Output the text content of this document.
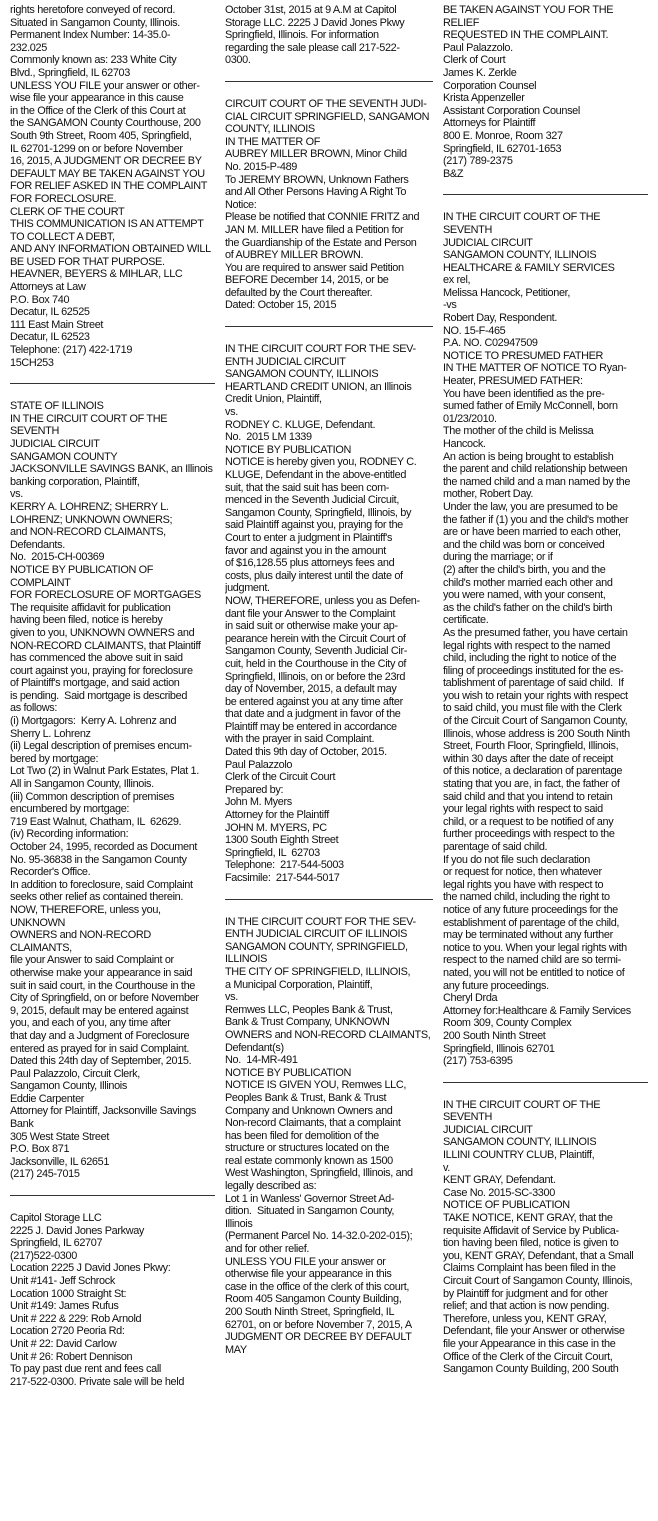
rights heretofore conveyed of record.
Situated in Sangamon County, Illinois.
Permanent Index Number: 14-35.0-
232.025
Commonly known as: 233 White City
Blvd., Springfield, IL 62703
UNLESS YOU FILE your answer or other-
wise file your appearance in this cause
in the Office of the Clerk of this Court at
the SANGAMON County Courthouse, 200
South 9th Street, Room 405, Springfield,
IL 62701-1299 on or before November
16, 2015, A JUDGMENT OR DECREE BY
DEFAULT MAY BE TAKEN AGAINST YOU
FOR RELIEF ASKED IN THE COMPLAINT
FOR FORECLOSURE.
CLERK OF THE COURT
THIS COMMUNICATION IS AN ATTEMPT
TO COLLECT A DEBT,
AND ANY INFORMATION OBTAINED WILL
BE USED FOR THAT PURPOSE.
HEAVNER, BEYERS & MIHLAR, LLC
Attorneys at Law
P.O. Box 740
Decatur, IL 62525
111 East Main Street
Decatur, IL 62523
Telephone: (217) 422-1719
15CH253
STATE OF ILLINOIS
IN THE CIRCUIT COURT OF THE SEVENTH
JUDICIAL CIRCUIT
SANGAMON COUNTY
JACKSONVILLE SAVINGS BANK, an Illinois
banking corporation, Plaintiff,
vs.
KERRY A. LOHRENZ; SHERRY L.
LOHRENZ; UNKNOWN OWNERS;
and NON-RECORD CLAIMANTS,
Defendants.
No.  2015-CH-00369
NOTICE BY PUBLICATION OF COMPLAINT
FOR FORECLOSURE OF MORTGAGES
The requisite affidavit for publication
having been filed, notice is hereby
given to you, UNKNOWN OWNERS and
NON-RECORD CLAIMANTS, that Plaintiff
has commenced the above suit in said
court against you, praying for foreclosure
of Plaintiff's mortgage, and said action
is pending.  Said mortgage is described
as follows:
(i) Mortgagors:  Kerry A. Lohrenz and
Sherry L. Lohrenz
(ii) Legal description of premises encum-
bered by mortgage:
Lot Two (2) in Walnut Park Estates, Plat 1.
All in Sangamon County, Illinois.
(iii) Common description of premises
encumbered by mortgage:
719 East Walnut, Chatham, IL  62629.
(iv) Recording information:
October 24, 1995, recorded as Document
No. 95-36838 in the Sangamon County
Recorder's Office.
In addition to foreclosure, said Complaint
seeks other relief as contained therein.
NOW, THEREFORE, unless you, UNKNOWN
OWNERS and NON-RECORD CLAIMANTS,
file your Answer to said Complaint or
otherwise make your appearance in said
suit in said court, in the Courthouse in the
City of Springfield, on or before November
9, 2015, default may be entered against
you, and each of you, any time after
that day and a Judgment of Foreclosure
entered as prayed for in said Complaint.
Dated this 24th day of September, 2015.
Paul Palazzolo, Circuit Clerk,
Sangamon County, Illinois
Eddie Carpenter
Attorney for Plaintiff, Jacksonville Savings
Bank
305 West State Street
P.O. Box 871
Jacksonville, IL 62651
(217) 245-7015
Capitol Storage LLC
2225 J. David Jones Parkway
Springfield, IL 62707
(217)522-0300
Location 2225 J David Jones Pkwy:
Unit #141- Jeff Schrock
Location 1000 Straight St:
Unit #149: James Rufus
Unit # 222 & 229: Rob Arnold
Location 2720 Peoria Rd:
Unit # 22: David Carlow
Unit # 26: Robert Dennison
To pay past due rent and fees call
217-522-0300. Private sale will be held
October 31st, 2015 at 9 A.M at Capitol
Storage LLC. 2225 J David Jones Pkwy
Springfield, Illinois. For information
regarding the sale please call 217-522-
0300.
CIRCUIT COURT OF THE SEVENTH JUDI-
CIAL CIRCUIT SPRINGFIELD, SANGAMON
COUNTY, ILLINOIS
IN THE MATTER OF
AUBREY MILLER BROWN, Minor Child
No. 2015-P-489
To JEREMY BROWN, Unknown Fathers
and All Other Persons Having A Right To
Notice:
Please be notified that CONNIE FRITZ and
JAN M. MILLER have filed a Petition for
the Guardianship of the Estate and Person
of AUBREY MILLER BROWN.
You are required to answer said Petition
BEFORE December 14, 2015, or be
defaulted by the Court thereafter.
Dated: October 15, 2015
IN THE CIRCUIT COURT FOR THE SEV-
ENTH JUDICIAL CIRCUIT
SANGAMON COUNTY, ILLINOIS
HEARTLAND CREDIT UNION, an Illinois
Credit Union, Plaintiff,
vs.
RODNEY C. KLUGE, Defendant.
No.  2015 LM 1339
NOTICE BY PUBLICATION
NOTICE is hereby given you, RODNEY C.
KLUGE, Defendant in the above-entitled
suit, that the said suit has been com-
menced in the Seventh Judicial Circuit,
Sangamon County, Springfield, Illinois, by
said Plaintiff against you, praying for the
Court to enter a judgment in Plaintiff's
favor and against you in the amount
of $16,128.55 plus attorneys fees and
costs, plus daily interest until the date of
judgment.
NOW, THEREFORE, unless you as Defen-
dant file your Answer to the Complaint
in said suit or otherwise make your ap-
pearance herein with the Circuit Court of
Sangamon County, Seventh Judicial Cir-
cuit, held in the Courthouse in the City of
Springfield, Illinois, on or before the 23rd
day of November, 2015, a default may
be entered against you at any time after
that date and a judgment in favor of the
Plaintiff may be entered in accordance
with the prayer in said Complaint.
Dated this 9th day of October, 2015.
Paul Palazzolo
Clerk of the Circuit Court
Prepared by:
John M. Myers
Attorney for the Plaintiff
JOHN M. MYERS, PC
1300 South Eighth Street
Springfield, IL  62703
Telephone:  217-544-5003
Facsimile:  217-544-5017
IN THE CIRCUIT COURT FOR THE SEV-
ENTH JUDICIAL CIRCUIT OF ILLINOIS
SANGAMON COUNTY, SPRINGFIELD,
ILLINOIS
THE CITY OF SPRINGFIELD, ILLINOIS,
a Municipal Corporation, Plaintiff,
vs.
Remwes LLC, Peoples Bank & Trust,
Bank & Trust Company, UNKNOWN
OWNERS and NON-RECORD CLAIMANTS,
Defendant(s)
No.  14-MR-491
NOTICE BY PUBLICATION
NOTICE IS GIVEN YOU, Remwes LLC,
Peoples Bank & Trust, Bank & Trust
Company and Unknown Owners and
Non-record Claimants, that a complaint
has been filed for demolition of the
structure or structures located on the
real estate commonly known as 1500
West Washington, Springfield, Illinois, and
legally described as:
Lot 1 in Wanless' Governor Street Ad-
dition.  Situated in Sangamon County,
Illinois
(Permanent Parcel No. 14-32.0-202-015);
and for other relief.
UNLESS YOU FILE your answer or
otherwise file your appearance in this
case in the office of the clerk of this court,
Room 405 Sangamon County Building,
200 South Ninth Street, Springfield, IL
62701, on or before November 7, 2015, A
JUDGMENT OR DECREE BY DEFAULT MAY
BE TAKEN AGAINST YOU FOR THE RELIEF
REQUESTED IN THE COMPLAINT.
Paul Palazzolo.
Clerk of Court
James K. Zerkle
Corporation Counsel
Krista Appenzeller
Assistant Corporation Counsel
Attorneys for Plaintiff
800 E. Monroe, Room 327
Springfield, IL 62701-1653
(217) 789-2375
B&Z
IN THE CIRCUIT COURT OF THE SEVENTH
JUDICIAL CIRCUIT
SANGAMON COUNTY, ILLINOIS
HEALTHCARE & FAMILY SERVICES
ex rel,
Melissa Hancock, Petitioner,
-vs
Robert Day, Respondent.
NO. 15-F-465
P.A. NO. C02947509
NOTICE TO PRESUMED FATHER
IN THE MATTER OF NOTICE TO Ryan-
Heater, PRESUMED FATHER:
You have been identified as the pre-
sumed father of Emily McConnell, born
01/23/2010.
The mother of the child is Melissa
Hancock.
An action is being brought to establish
the parent and child relationship between
the named child and a man named by the
mother, Robert Day.
Under the law, you are presumed to be
the father if (1) you and the child's mother
are or have been married to each other,
and the child was born or conceived
during the marriage; or if
(2) after the child's birth, you and the
child's mother married each other and
you were named, with your consent,
as the child's father on the child's birth
certificate.
As the presumed father, you have certain
legal rights with respect to the named
child, including the right to notice of the
filing of proceedings instituted for the es-
tablishment of parentage of said child.  If
you wish to retain your rights with respect
to said child, you must file with the Clerk
of the Circuit Court of Sangamon County,
Illinois, whose address is 200 South Ninth
Street, Fourth Floor, Springfield, Illinois,
within 30 days after the date of receipt
of this notice, a declaration of parentage
stating that you are, in fact, the father of
said child and that you intend to retain
your legal rights with respect to said
child, or a request to be notified of any
further proceedings with respect to the
parentage of said child.
If you do not file such declaration
or request for notice, then whatever
legal rights you have with respect to
the named child, including the right to
notice of any future proceedings for the
establishment of parentage of the child,
may be terminated without any further
notice to you. When your legal rights with
respect to the named child are so termi-
nated, you will not be entitled to notice of
any future proceedings.
Cheryl Drda
Attorney for:Healthcare & Family Services
Room 309, County Complex
200 South Ninth Street
Springfield, Illinois 62701
(217) 753-6395
IN THE CIRCUIT COURT OF THE SEVENTH
JUDICIAL CIRCUIT
SANGAMON COUNTY, ILLINOIS
ILLINI COUNTRY CLUB, Plaintiff,
v.
KENT GRAY, Defendant.
Case No. 2015-SC-3300
NOTICE OF PUBLICATION
TAKE NOTICE, KENT GRAY, that the
requisite Affidavit of Service by Publica-
tion having been filed, notice is given to
you, KENT GRAY, Defendant, that a Small
Claims Complaint has been filed in the
Circuit Court of Sangamon County, Illinois,
by Plaintiff for judgment and for other
relief; and that action is now pending.
Therefore, unless you, KENT GRAY,
Defendant, file your Answer or otherwise
file your Appearance in this case in the
Office of the Clerk of the Circuit Court,
Sangamon County Building, 200 South
